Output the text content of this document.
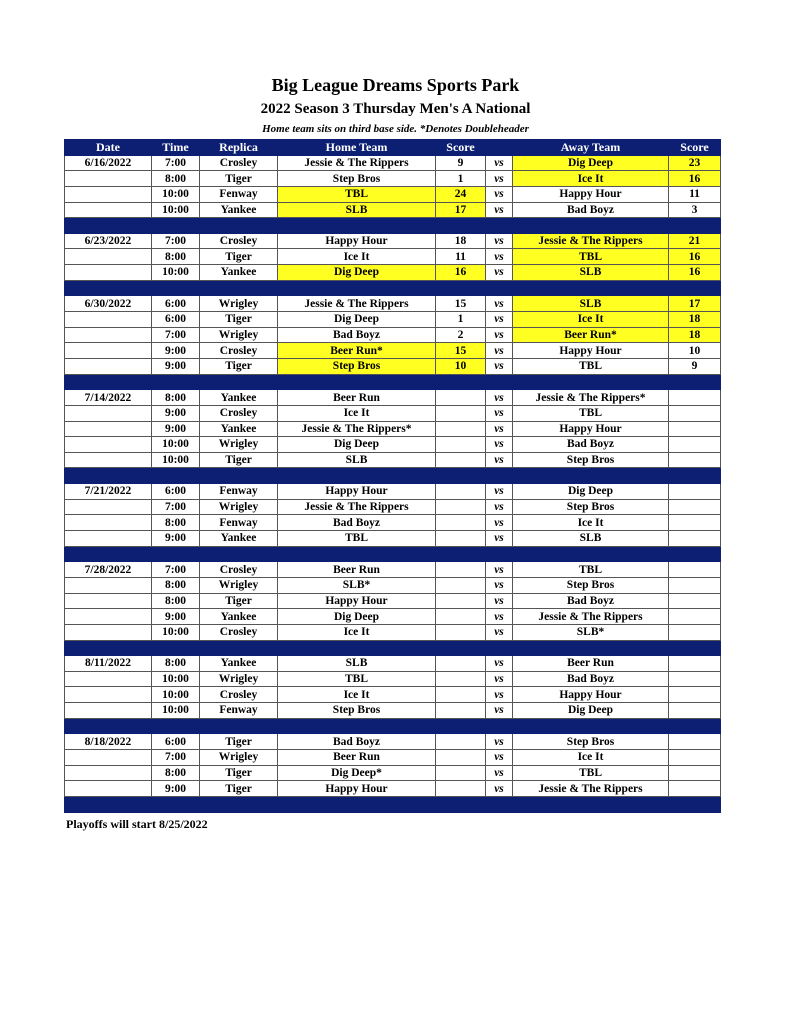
Big League Dreams Sports Park
2022 Season 3 Thursday Men's A National
Home team sits on third base side. *Denotes Doubleheader
Date	Time	Replica	Home Team	Score		Away Team	Score
6/16/2022	7:00	Crosley	Jessie & The Rippers	9	vs	Dig Deep	23
	8:00	Tiger	Step Bros	1	vs	Ice It	16
	10:00	Fenway	TBL	24	vs	Happy Hour	11
	10:00	Yankee	SLB	17	vs	Bad Boyz	3

6/23/2022	7:00	Crosley	Happy Hour	18	vs	Jessie & The Rippers	21
	8:00	Tiger	Ice It	11	vs	TBL	16
	10:00	Yankee	Dig Deep	16	vs	SLB	16

6/30/2022	6:00	Wrigley	Jessie & The Rippers	15	vs	SLB	17
	6:00	Tiger	Dig Deep	1	vs	Ice It	18
	7:00	Wrigley	Bad Boyz	2	vs	Beer Run*	18
	9:00	Crosley	Beer Run*	15	vs	Happy Hour	10
	9:00	Tiger	Step Bros	10	vs	TBL	9

7/14/2022	8:00	Yankee	Beer Run		vs	Jessie & The Rippers*	
	9:00	Crosley	Ice It		vs	TBL	
	9:00	Yankee	Jessie & The Rippers*		vs	Happy Hour	
	10:00	Wrigley	Dig Deep		vs	Bad Boyz	
	10:00	Tiger	SLB		vs	Step Bros	

7/21/2022	6:00	Fenway	Happy Hour		vs	Dig Deep	
	7:00	Wrigley	Jessie & The Rippers		vs	Step Bros	
	8:00	Fenway	Bad Boyz		vs	Ice It	
	9:00	Yankee	TBL		vs	SLB	

7/28/2022	7:00	Crosley	Beer Run		vs	TBL	
	8:00	Wrigley	SLB*		vs	Step Bros	
	8:00	Tiger	Happy Hour		vs	Bad Boyz	
	9:00	Yankee	Dig Deep		vs	Jessie & The Rippers	
	10:00	Crosley	Ice It		vs	SLB*	

8/11/2022	8:00	Yankee	SLB		vs	Beer Run	
	10:00	Wrigley	TBL		vs	Bad Boyz	
	10:00	Crosley	Ice It		vs	Happy Hour	
	10:00	Fenway	Step Bros		vs	Dig Deep	

8/18/2022	6:00	Tiger	Bad Boyz		vs	Step Bros	
	7:00	Wrigley	Beer Run		vs	Ice It	
	8:00	Tiger	Dig Deep*		vs	TBL	
	9:00	Tiger	Happy Hour		vs	Jessie & The Rippers	

Playoffs will start 8/25/2022
